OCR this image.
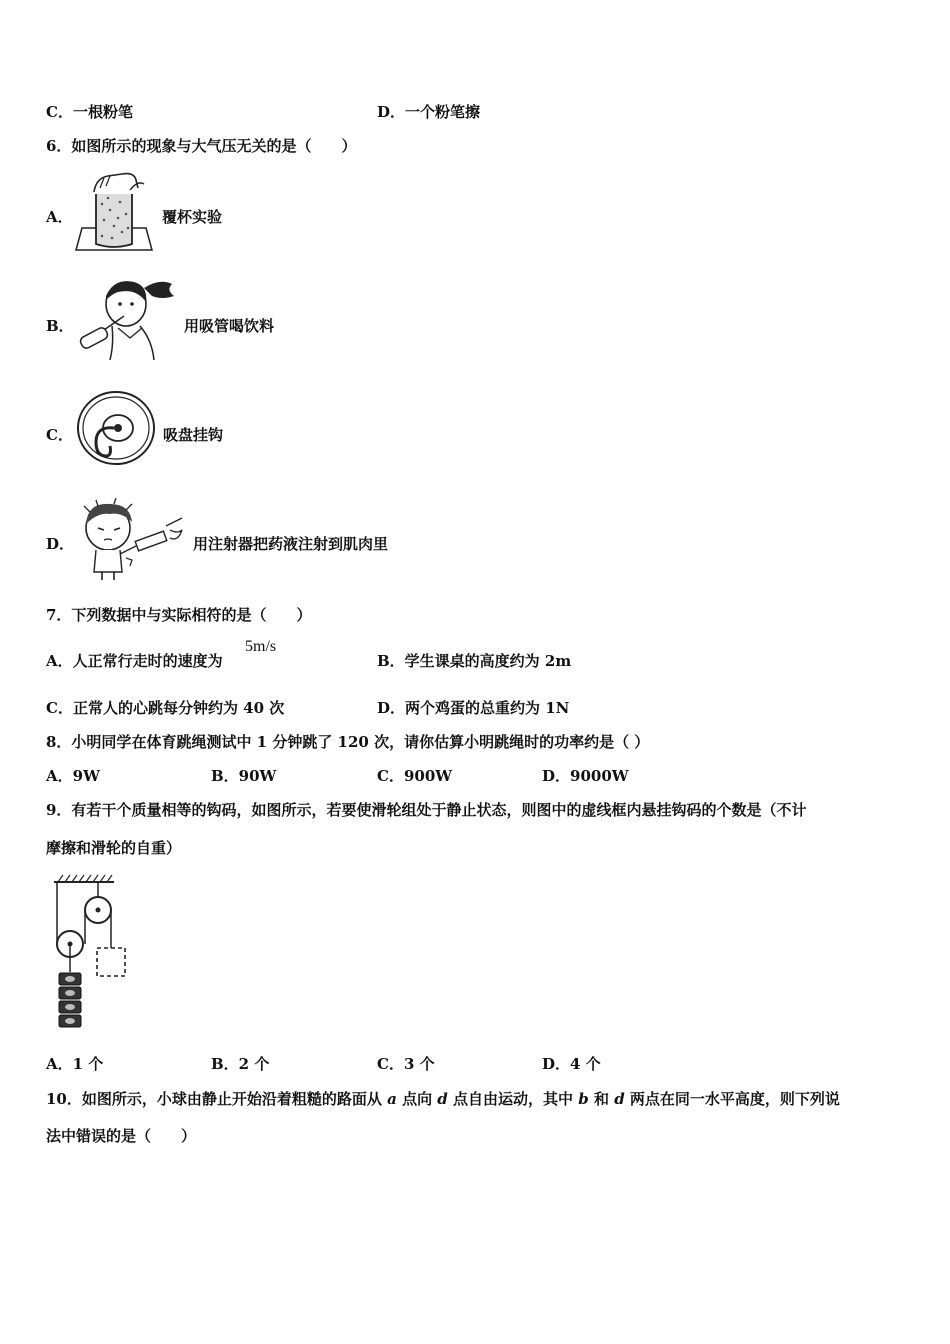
C．一根粉笔	D．一个粉笔擦
6．如图所示的现象与大气压无关的是（　　）
A．	覆杯实验
B．	用吸管喝饮料
C．	吸盘挂钩
D．	用注射器把药液注射到肌肉里
7．下列数据中与实际相符的是（　　）
A．人正常行走时的速度为
5m/s
B．学生课桌的高度约为 2m
C．正常人的心跳每分钟约为 40 次	D．两个鸡蛋的总重约为 1N
8．小明同学在体育跳绳测试中 1 分钟跳了 120 次，请你估算小明跳绳时的功率约是（ ）
A．9W	B．90W	C．900W	D．9000W
9．有若干个质量相等的钩码，如图所示，若要使滑轮组处于静止状态，则图中的虚线框内悬挂钩码的个数是（不计
摩擦和滑轮的自重）
A．1 个	B．2 个	C．3 个	D．4 个
10．如图所示，小球由静止开始沿着粗糙的路面从 a 点向 d 点自由运动，其中 b 和 d 两点在同一水平高度，则下列说
法中错误的是（　　）
